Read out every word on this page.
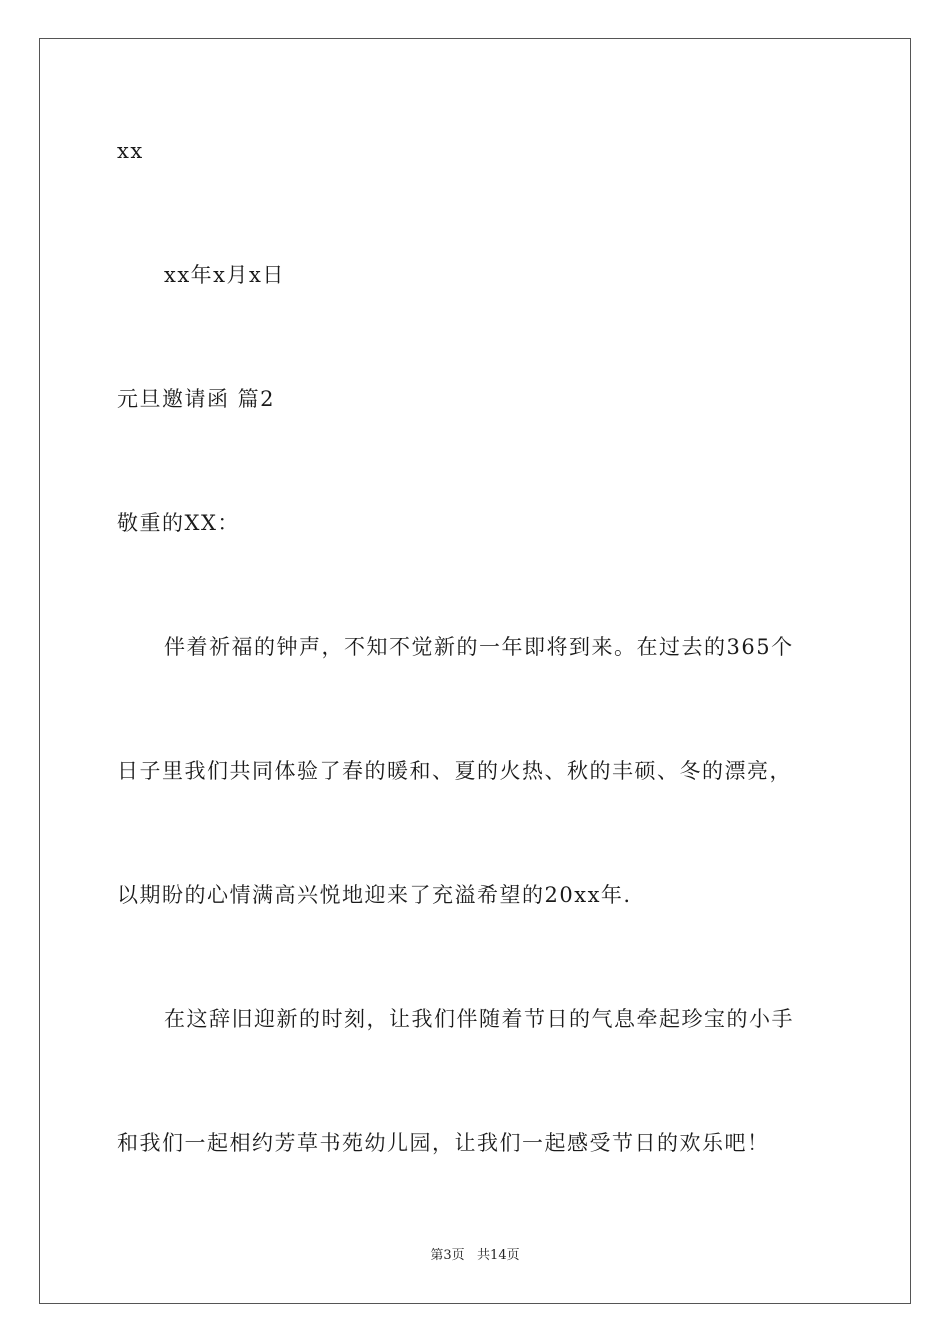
xx
xx年x月x日
元旦邀请函 篇2
敬重的XX：
伴着祈福的钟声，不知不觉新的一年即将到来。在过去的365个
日子里我们共同体验了春的暖和、夏的火热、秋的丰硕、冬的漂亮，
以期盼的心情满高兴悦地迎来了充溢希望的20xx年.
在这辞旧迎新的时刻，让我们伴随着节日的气息牵起珍宝的小手
和我们一起相约芳草书苑幼儿园，让我们一起感受节日的欢乐吧！
第3页   共14页
